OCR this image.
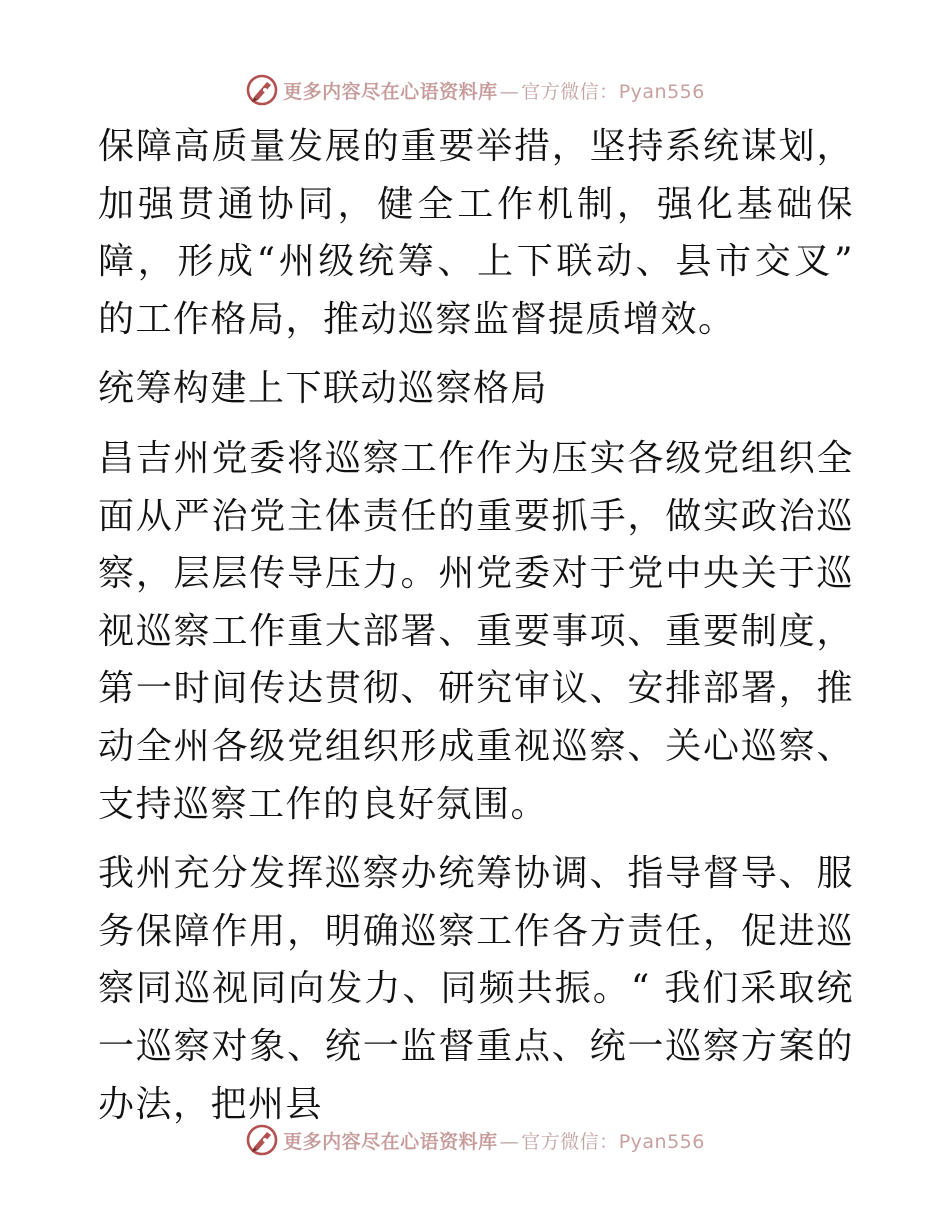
更多内容尽在心语资料库 — 官方微信：Pyan556

保障高质量发展的重要举措，坚持系统谋划，加强贯通协同，健全工作机制，强化基础保障，形成“州级统筹、上下联动、县市交叉” 的工作格局，推动巡察监督提质增效。

统筹构建上下联动巡察格局

昌吉州党委将巡察工作作为压实各级党组织全面从严治党主体责任的重要抓手，做实政治巡察，层层传导压力。州党委对于党中央关于巡视巡察工作重大部署、重要事项、重要制度，第一时间传达贯彻、研究审议、安排部署，推动全州各级党组织形成重视巡察、关心巡察、支持巡察工作的良好氛围。

我州充分发挥巡察办统筹协调、指导督导、服务保障作用，明确巡察工作各方责任，促进巡察同巡视同向发力、同频共振。“ 我们采取统一巡察对象、统一监督重点、统一巡察方案的办法，把州县

更多内容尽在心语资料库 — 官方微信：Pyan556
